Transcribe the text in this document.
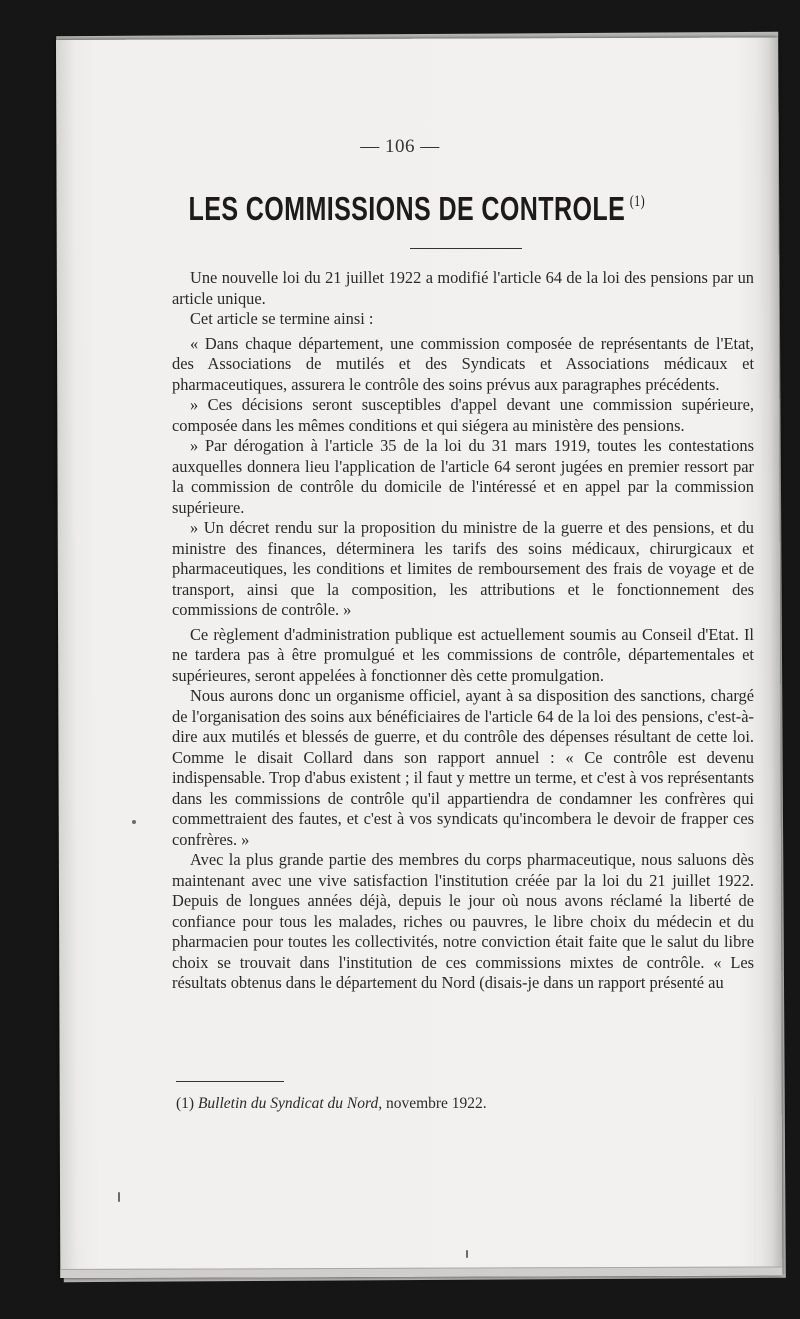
— 106 —
LES COMMISSIONS DE CONTROLE $^{(1)}$

Une nouvelle loi du 21 juillet 1922 a modifié l'article 64 de la loi des pensions par un article unique.

Cet article se termine ainsi :

« Dans chaque département, une commission composée de représentants de l'Etat, des Associations de mutilés et des Syndicats et Associations médicaux et pharmaceutiques, assurera le contrôle des soins prévus aux paragraphes précédents.

» Ces décisions seront susceptibles d'appel devant une commission supérieure, composée dans les mêmes conditions et qui siégera au ministère des pensions.

» Par dérogation à l'article 35 de la loi du 31 mars 1919, toutes les contestations auxquelles donnera lieu l'application de l'article 64 seront jugées en premier ressort par la commission de contrôle du domicile de l'intéressé et en appel par la commission supérieure.

» Un décret rendu sur la proposition du ministre de la guerre et des pensions, et du ministre des finances, déterminera les tarifs des soins médicaux, chirurgicaux et pharmaceutiques, les conditions et limites de remboursement des frais de voyage et de transport, ainsi que la composition, les attributions et le fonctionnement des commissions de contrôle. »

Ce règlement d'administration publique est actuellement soumis au Conseil d'Etat. Il ne tardera pas à être promulgué et les commissions de contrôle, départementales et supérieures, seront appelées à fonctionner dès cette promulgation.

Nous aurons donc un organisme officiel, ayant à sa disposition des sanctions, chargé de l'organisation des soins aux bénéficiaires de l'article 64 de la loi des pensions, c'est-à-dire aux mutilés et blessés de guerre, et du contrôle des dépenses résultant de cette loi. Comme le disait Collard dans son rapport annuel : « Ce contrôle est devenu indispensable. Trop d'abus existent ; il faut y mettre un terme, et c'est à vos représentants dans les commissions de contrôle qu'il appartiendra de condamner les confrères qui commettraient des fautes, et c'est à vos syndicats qu'incombera le devoir de frapper ces confrères. »

Avec la plus grande partie des membres du corps pharmaceutique, nous saluons dès maintenant avec une vive satisfaction l'institution créée par la loi du 21 juillet 1922. Depuis de longues années déjà, depuis le jour où nous avons réclamé la liberté de confiance pour tous les malades, riches ou pauvres, le libre choix du médecin et du pharmacien pour toutes les collectivités, notre conviction était faite que le salut du libre choix se trouvait dans l'institution de ces commissions mixtes de contrôle. « Les résultats obtenus dans le département du Nord (disais-je dans un rapport présenté au

(1) Bulletin du Syndicat du Nord, novembre 1922.
